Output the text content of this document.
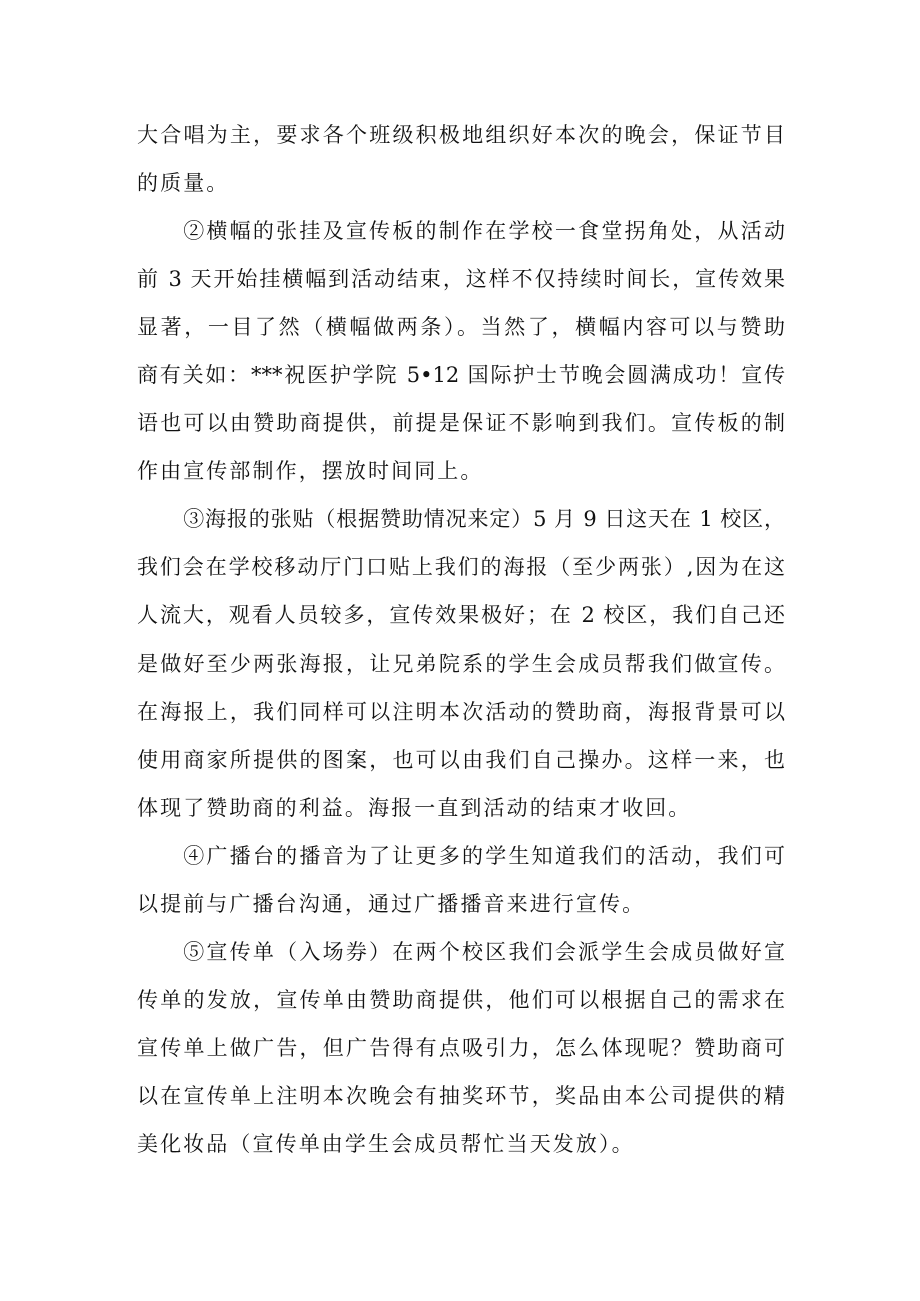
大合唱为主，要求各个班级积极地组织好本次的晚会，保证节目
的质量。
②横幅的张挂及宣传板的制作在学校一食堂拐角处，从活动
前 3 天开始挂横幅到活动结束，这样不仅持续时间长，宣传效果
显著，一目了然（横幅做两条）。当然了，横幅内容可以与赞助
商有关如：***祝医护学院 5•12 国际护士节晚会圆满成功！宣传
语也可以由赞助商提供，前提是保证不影响到我们。宣传板的制
作由宣传部制作，摆放时间同上。
③海报的张贴（根据赞助情况来定）5 月 9 日这天在 1 校区，
我们会在学校移动厅门口贴上我们的海报（至少两张）,因为在这
人流大，观看人员较多，宣传效果极好；在 2 校区，我们自己还
是做好至少两张海报，让兄弟院系的学生会成员帮我们做宣传。
在海报上，我们同样可以注明本次活动的赞助商，海报背景可以
使用商家所提供的图案，也可以由我们自己操办。这样一来，也
体现了赞助商的利益。海报一直到活动的结束才收回。
④广播台的播音为了让更多的学生知道我们的活动，我们可
以提前与广播台沟通，通过广播播音来进行宣传。
⑤宣传单（入场券）在两个校区我们会派学生会成员做好宣
传单的发放，宣传单由赞助商提供，他们可以根据自己的需求在
宣传单上做广告，但广告得有点吸引力，怎么体现呢？赞助商可
以在宣传单上注明本次晚会有抽奖环节，奖品由本公司提供的精
美化妆品（宣传单由学生会成员帮忙当天发放）。
